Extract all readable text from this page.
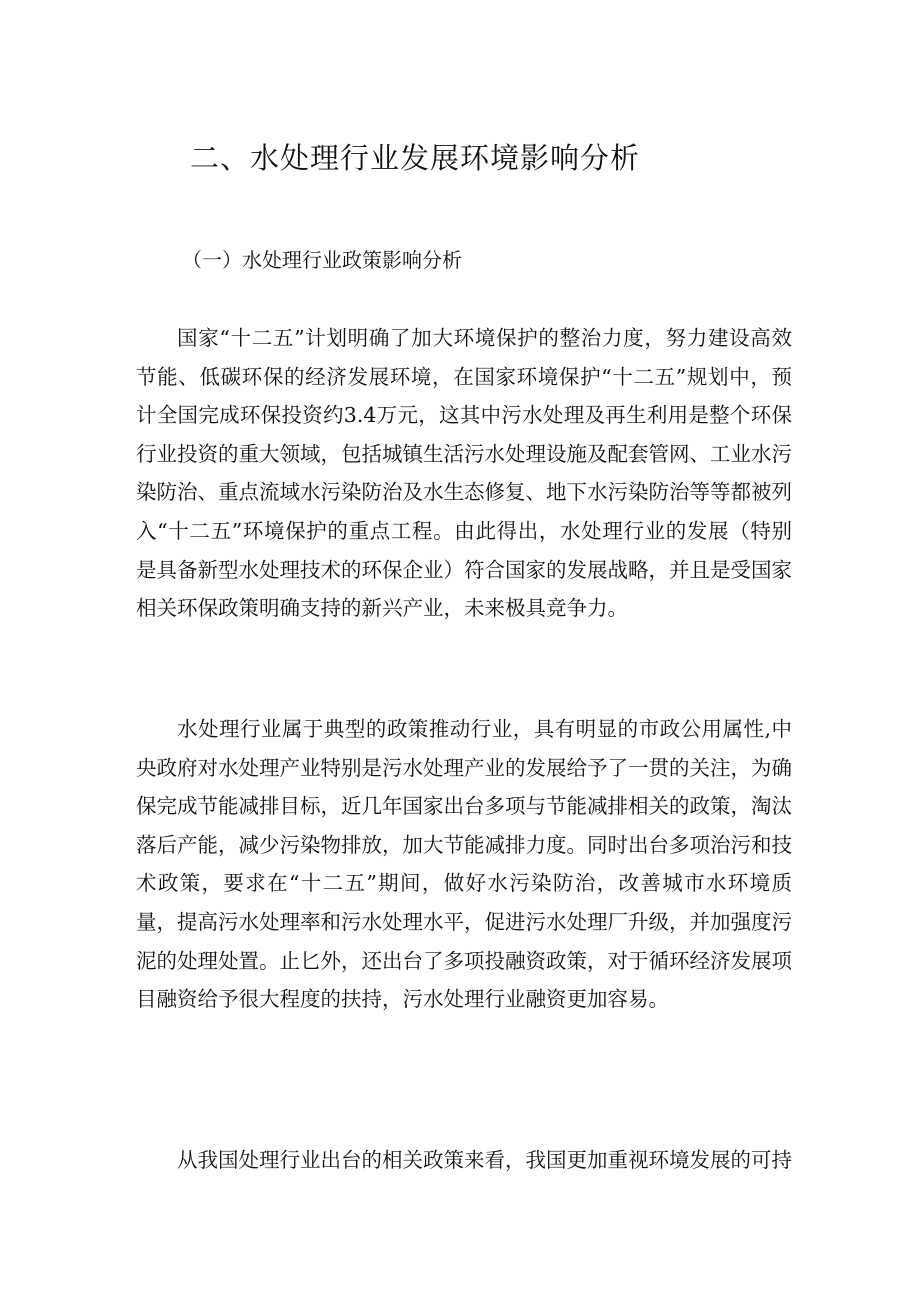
二、水处理行业发展环境影响分析
（一）水处理行业政策影响分析

国家“十二五”计划明确了加大环境保护的整治力度，努力建设高效节能、低碳环保的经济发展环境，在国家环境保护“十二五”规划中，预计全国完成环保投资约3.4万元，这其中污水处理及再生利用是整个环保行业投资的重大领域，包括城镇生活污水处理设施及配套管网、工业水污染防治、重点流域水污染防治及水生态修复、地下水污染防治等等都被列入“十二五”环境保护的重点工程。由此得出，水处理行业的发展（特别是具备新型水处理技术的环保企业）符合国家的发展战略，并且是受国家相关环保政策明确支持的新兴产业，未来极具竞争力。

水处理行业属于典型的政策推动行业，具有明显的市政公用属性,中央政府对水处理产业特别是污水处理产业的发展给予了一贯的关注，为确保完成节能减排目标，近几年国家出台多项与节能减排相关的政策，淘汰落后产能，减少污染物排放，加大节能减排力度。同时出台多项治污和技术政策，要求在“十二五”期间，做好水污染防治，改善城市水环境质量，提高污水处理率和污水处理水平，促进污水处理厂升级，并加强度污泥的处理处置。止匕外，还出台了多项投融资政策，对于循环经济发展项目融资给予很大程度的扶持，污水处理行业融资更加容易。

从我国处理行业出台的相关政策来看，我国更加重视环境发展的可持
